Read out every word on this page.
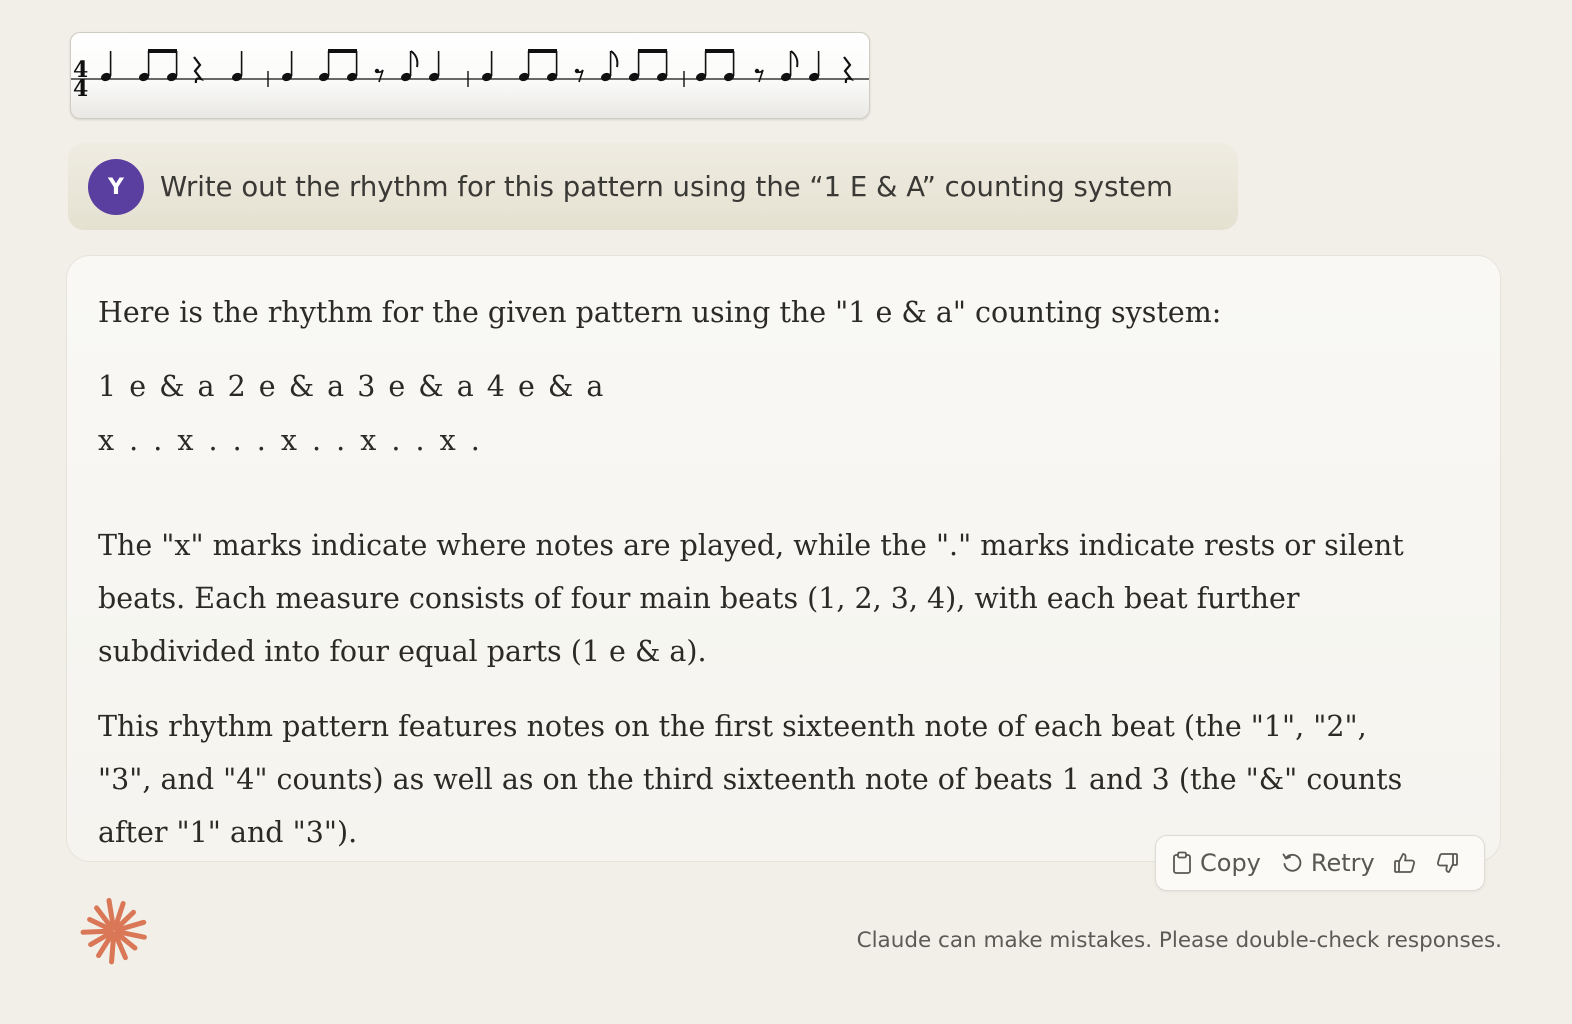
4
4
Y Write out the rhythm for this pattern using the “1 E & A” counting system

Here is the rhythm for the given pattern using the "1 e & a" counting system:

1 e & a 2 e & a 3 e & a 4 e & a
x . . x . . . x . . x . . x .

The "x" marks indicate where notes are played, while the "." marks indicate rests or silent beats. Each measure consists of four main beats (1, 2, 3, 4), with each beat further subdivided into four equal parts (1 e & a).

This rhythm pattern features notes on the first sixteenth note of each beat (the "1", "2", "3", and "4" counts) as well as on the third sixteenth note of beats 1 and 3 (the "&" counts after "1" and "3").

Copy Retry
Claude can make mistakes. Please double-check responses.
